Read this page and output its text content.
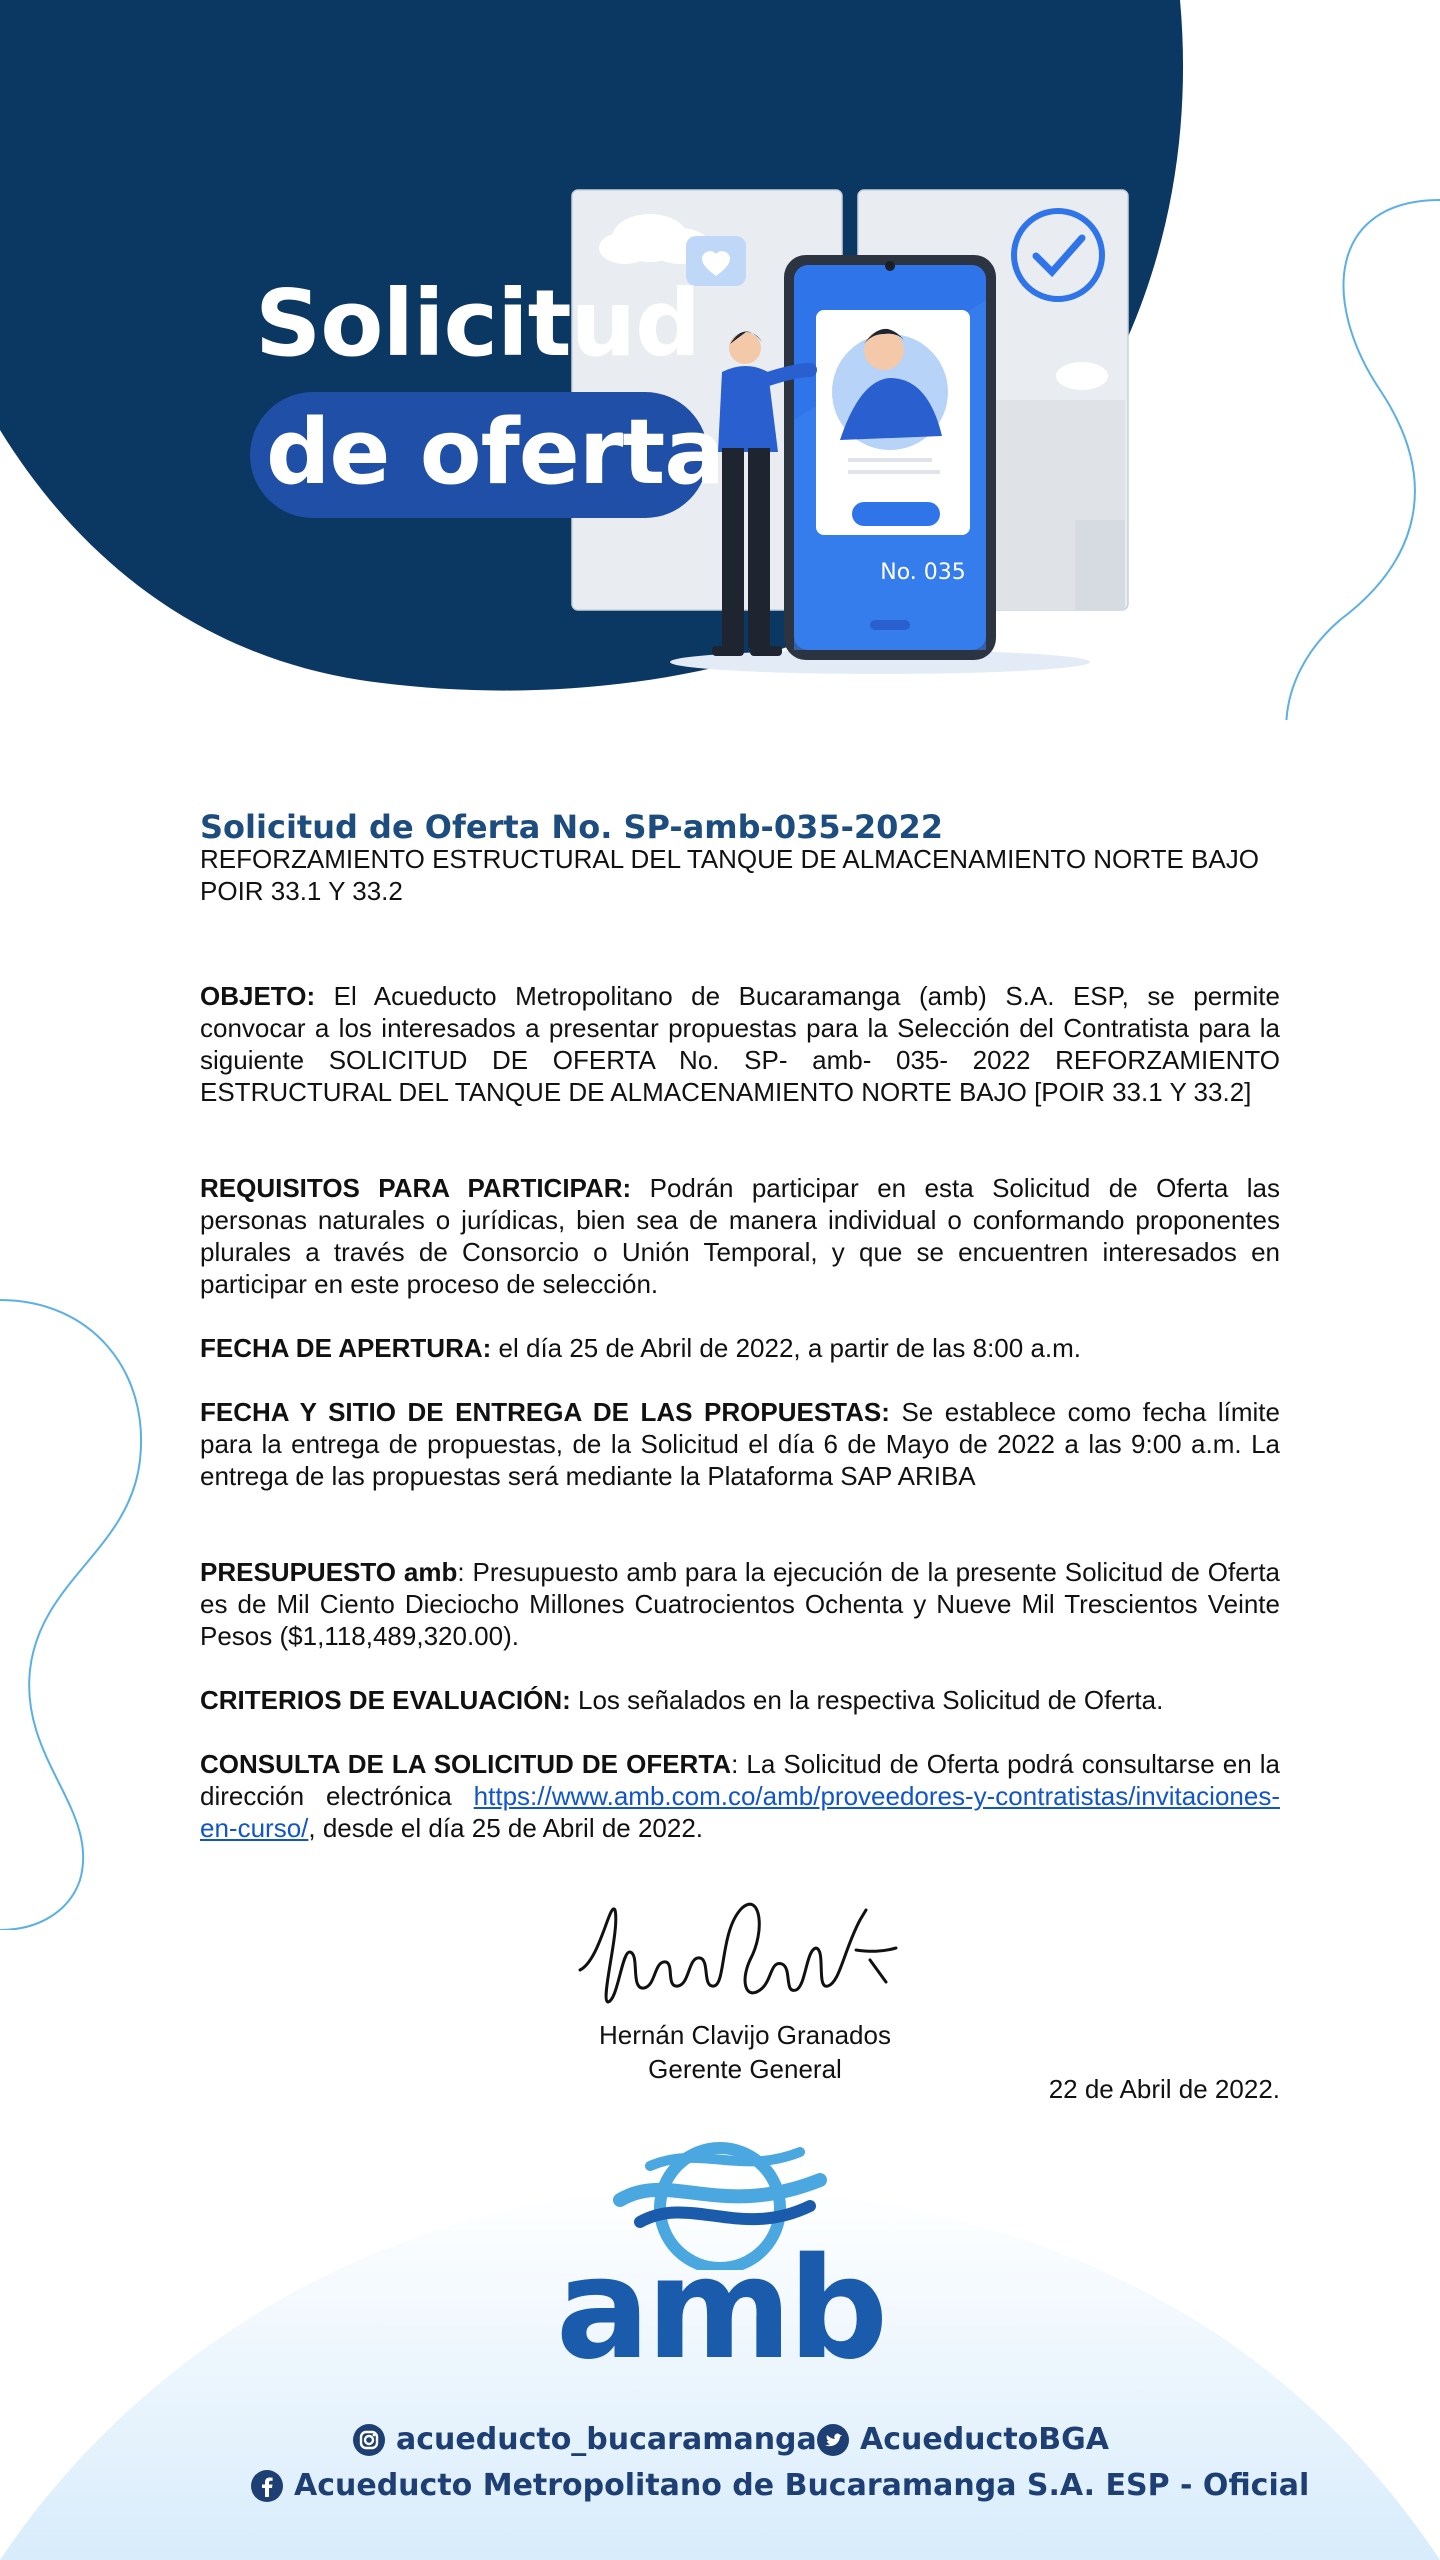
Solicitud
de oferta
No. 035
Solicitud de Oferta No. SP-amb-035-2022
REFORZAMIENTO ESTRUCTURAL DEL TANQUE DE ALMACENAMIENTO NORTE BAJO POIR 33.1 Y 33.2
OBJETO: El Acueducto Metropolitano de Bucaramanga (amb) S.A. ESP, se permite convocar a los interesados a presentar propuestas para la Selección del Contratista para la siguiente SOLICITUD DE OFERTA No. SP- amb- 035- 2022 REFORZAMIENTO ESTRUCTURAL DEL TANQUE DE ALMACENAMIENTO NORTE BAJO [POIR 33.1 Y 33.2]
REQUISITOS PARA PARTICIPAR: Podrán participar en esta Solicitud de Oferta las personas naturales o jurídicas, bien sea de manera individual o conformando proponentes plurales a través de Consorcio o Unión Temporal, y que se encuentren interesados en participar en este proceso de selección.
FECHA DE APERTURA: el día 25 de Abril de 2022, a partir de las 8:00 a.m.
FECHA Y SITIO DE ENTREGA DE LAS PROPUESTAS: Se establece como fecha límite para la entrega de propuestas, de la Solicitud el día 6 de Mayo de 2022 a las 9:00 a.m. La entrega de las propuestas será mediante la Plataforma SAP ARIBA
PRESUPUESTO amb: Presupuesto amb para la ejecución de la presente Solicitud de Oferta es de Mil Ciento Dieciocho Millones Cuatrocientos Ochenta y Nueve Mil Trescientos Veinte Pesos ($1,118,489,320.00).
CRITERIOS DE EVALUACIÓN: Los señalados en la respectiva Solicitud de Oferta.
CONSULTA DE LA SOLICITUD DE OFERTA: La Solicitud de Oferta podrá consultarse en la dirección electrónica https://www.amb.com.co/amb/proveedores-y-contratistas/invitaciones-en-curso/, desde el día 25 de Abril de 2022.
Hernán Clavijo Granados
Gerente General
22 de Abril de 2022.
amb
acueducto_bucaramanga AcueductoBGA
Acueducto Metropolitano de Bucaramanga S.A. ESP - Oficial
